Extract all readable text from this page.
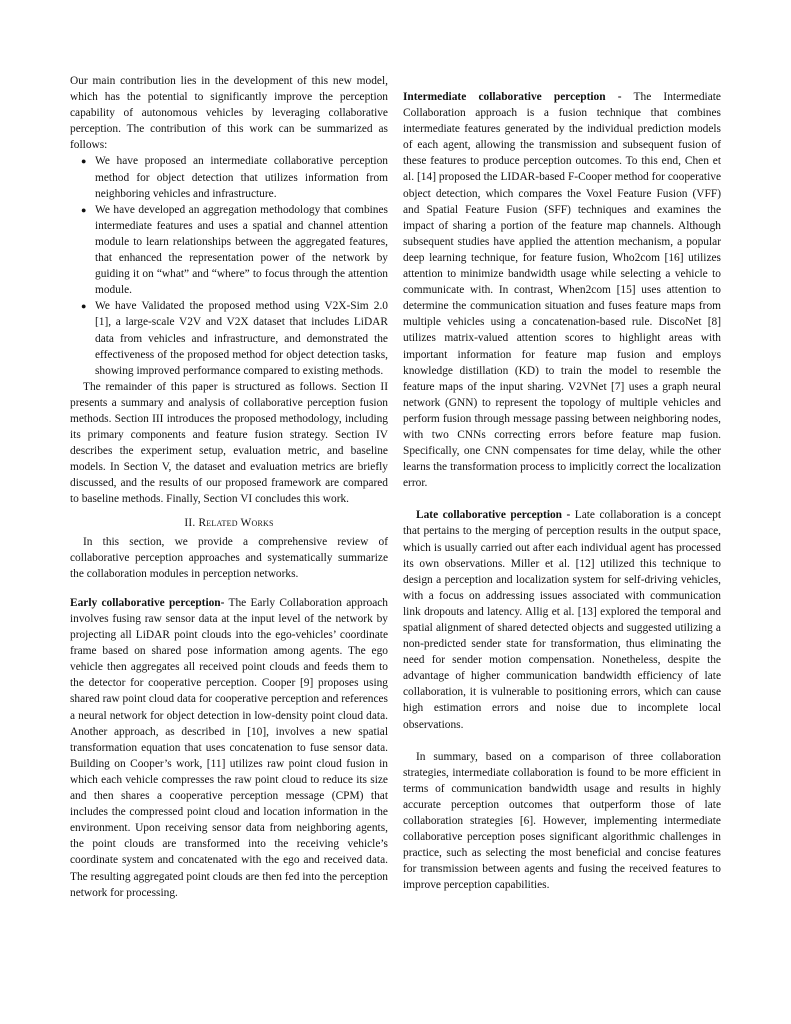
Our main contribution lies in the development of this new model, which has the potential to significantly improve the perception capability of autonomous vehicles by leveraging collaborative perception. The contribution of this work can be summarized as follows:

● We have proposed an intermediate collaborative perception method for object detection that utilizes information from neighboring vehicles and infrastructure.
● We have developed an aggregation methodology that combines intermediate features and uses a spatial and channel attention module to learn relationships between the aggregated features, that enhanced the representation power of the network by guiding it on “what” and “where” to focus through the attention module.
● We have Validated the proposed method using V2X-Sim 2.0 [1], a large-scale V2V and V2X dataset that includes LiDAR data from vehicles and infrastructure, and demonstrated the effectiveness of the proposed method for object detection tasks, showing improved performance compared to existing methods.

The remainder of this paper is structured as follows. Section II presents a summary and analysis of collaborative perception fusion methods. Section III introduces the proposed methodology, including its primary components and feature fusion strategy. Section IV describes the experiment setup, evaluation metric, and baseline models. In Section V, the dataset and evaluation metrics are briefly discussed, and the results of our proposed framework are compared to baseline methods. Finally, Section VI concludes this work.

II. Related Works

In this section, we provide a comprehensive review of collaborative perception approaches and systematically summarize the collaboration modules in perception networks.

Early collaborative perception- The Early Collaboration approach involves fusing raw sensor data at the input level of the network by projecting all LiDAR point clouds into the ego-vehicles’ coordinate frame based on shared pose information among agents. The ego vehicle then aggregates all received point clouds and feeds them to the detector for cooperative perception. Cooper [9] proposes using shared raw point cloud data for cooperative perception and references a neural network for object detection in low-density point cloud data. Another approach, as described in [10], involves a new spatial transformation equation that uses concatenation to fuse sensor data. Building on Cooper’s work, [11] utilizes raw point cloud fusion in which each vehicle compresses the raw point cloud to reduce its size and then shares a cooperative perception message (CPM) that includes the compressed point cloud and location information in the environment. Upon receiving sensor data from neighboring agents, the point clouds are transformed into the receiving vehicle’s coordinate system and concatenated with the ego and received data. The resulting aggregated point clouds are then fed into the perception network for processing.

Intermediate collaborative perception - The Intermediate Collaboration approach is a fusion technique that combines intermediate features generated by the individual prediction models of each agent, allowing the transmission and subsequent fusion of these features to produce perception outcomes. To this end, Chen et al. [14] proposed the LIDAR-based F-Cooper method for cooperative object detection, which compares the Voxel Feature Fusion (VFF) and Spatial Feature Fusion (SFF) techniques and examines the impact of sharing a portion of the feature map channels. Although subsequent studies have applied the attention mechanism, a popular deep learning technique, for feature fusion, Who2com [16] utilizes attention to minimize bandwidth usage while selecting a vehicle to communicate with. In contrast, When2com [15] uses attention to determine the communication situation and fuses feature maps from multiple vehicles using a concatenation-based rule. DiscoNet [8] utilizes matrix-valued attention scores to highlight areas with important information for feature map fusion and employs knowledge distillation (KD) to train the model to resemble the feature maps of the input sharing. V2VNet [7] uses a graph neural network (GNN) to represent the topology of multiple vehicles and perform fusion through message passing between neighboring nodes, with two CNNs correcting errors before feature map fusion. Specifically, one CNN compensates for time delay, while the other learns the transformation process to implicitly correct the localization error.

Late collaborative perception - Late collaboration is a concept that pertains to the merging of perception results in the output space, which is usually carried out after each individual agent has processed its own observations. Miller et al. [12] utilized this technique to design a perception and localization system for self-driving vehicles, with a focus on addressing issues associated with communication link dropouts and latency. Allig et al. [13] explored the temporal and spatial alignment of shared detected objects and suggested utilizing a non-predicted sender state for transformation, thus eliminating the need for sender motion compensation. Nonetheless, despite the advantage of higher communication bandwidth efficiency of late collaboration, it is vulnerable to positioning errors, which can cause high estimation errors and noise due to incomplete local observations.

In summary, based on a comparison of three collaboration strategies, intermediate collaboration is found to be more efficient in terms of communication bandwidth usage and results in highly accurate perception outcomes that outperform those of late collaboration strategies [6]. However, implementing intermediate collaborative perception poses significant algorithmic challenges in practice, such as selecting the most beneficial and concise features for transmission between agents and fusing the received features to improve perception capabilities.
